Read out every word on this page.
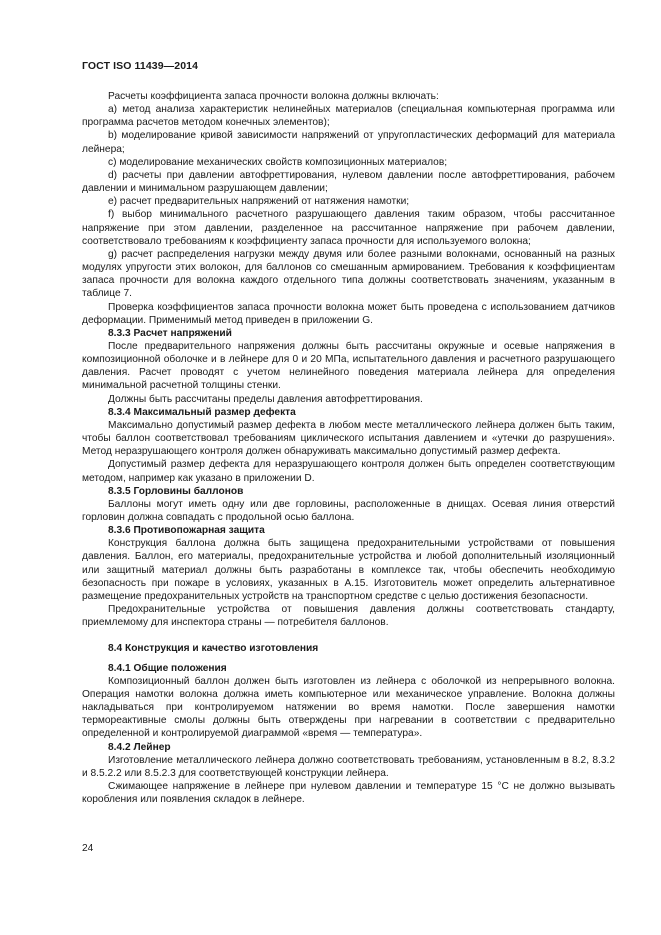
ГОСТ ISO 11439—2014

Расчеты коэффициента запаса прочности волокна должны включать:

a) метод анализа характеристик нелинейных материалов (специальная компьютерная программа или программа расчетов методом конечных элементов);

b) моделирование кривой зависимости напряжений от упругопластических деформаций для материала лейнера;

c) моделирование механических свойств композиционных материалов;

d) расчеты при давлении автофреттирования, нулевом давлении после автофреттирования, рабочем давлении и минимальном разрушающем давлении;

e) расчет предварительных напряжений от натяжения намотки;

f) выбор минимального расчетного разрушающего давления таким образом, чтобы рассчитанное напряжение при этом давлении, разделенное на рассчитанное напряжение при рабочем давлении, соответствовало требованиям к коэффициенту запаса прочности для используемого волокна;

g) расчет распределения нагрузки между двумя или более разными волокнами, основанный на разных модулях упругости этих волокон, для баллонов со смешанным армированием. Требования к коэффициентам запаса прочности для волокна каждого отдельного типа должны соответствовать значениям, указанным в таблице 7.

Проверка коэффициентов запаса прочности волокна может быть проведена с использованием датчиков деформации. Применимый метод приведен в приложении G.

8.3.3 Расчет напряжений

После предварительного напряжения должны быть рассчитаны окружные и осевые напряжения в композиционной оболочке и в лейнере для 0 и 20 МПа, испытательного давления и расчетного разрушающего давления. Расчет проводят с учетом нелинейного поведения материала лейнера для определения минимальной расчетной толщины стенки.

Должны быть рассчитаны пределы давления автофреттирования.

8.3.4 Максимальный размер дефекта

Максимально допустимый размер дефекта в любом месте металлического лейнера должен быть таким, чтобы баллон соответствовал требованиям циклического испытания давлением и «утечки до разрушения». Метод неразрушающего контроля должен обнаруживать максимально допустимый размер дефекта.

Допустимый размер дефекта для неразрушающего контроля должен быть определен соответствующим методом, например как указано в приложении D.

8.3.5 Горловины баллонов

Баллоны могут иметь одну или две горловины, расположенные в днищах. Осевая линия отверстий горловин должна совпадать с продольной осью баллона.

8.3.6 Противопожарная защита

Конструкция баллона должна быть защищена предохранительными устройствами от повышения давления. Баллон, его материалы, предохранительные устройства и любой дополнительный изоляционный или защитный материал должны быть разработаны в комплексе так, чтобы обеспечить необходимую безопасность при пожаре в условиях, указанных в А.15. Изготовитель может определить альтернативное размещение предохранительных устройств на транспортном средстве с целью достижения безопасности.

Предохранительные устройства от повышения давления должны соответствовать стандарту, приемлемому для инспектора страны — потребителя баллонов.

8.4 Конструкция и качество изготовления
8.4.1 Общие положения

Композиционный баллон должен быть изготовлен из лейнера с оболочкой из непрерывного волокна. Операция намотки волокна должна иметь компьютерное или механическое управление. Волокна должны накладываться при контролируемом натяжении во время намотки. После завершения намотки термореактивные смолы должны быть отверждены при нагревании в соответствии с предварительно определенной и контролируемой диаграммой «время — температура».

8.4.2 Лейнер

Изготовление металлического лейнера должно соответствовать требованиям, установленным в 8.2, 8.3.2 и 8.5.2.2 или 8.5.2.3 для соответствующей конструкции лейнера.

Сжимающее напряжение в лейнере при нулевом давлении и температуре 15 °С не должно вызывать коробления или появления складок в лейнере.

24
